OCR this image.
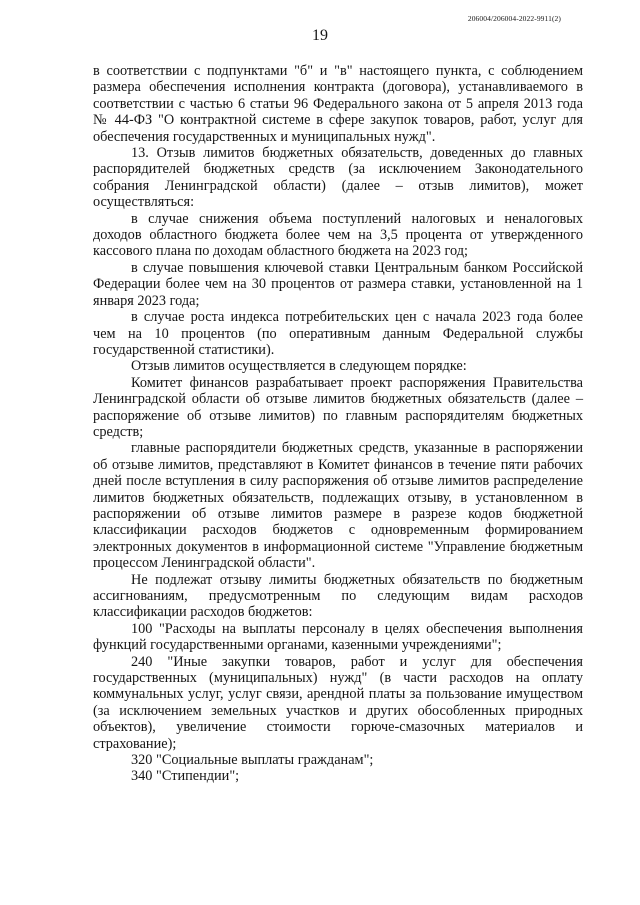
19
206004/206004-2022-9911(2)

в соответствии с подпунктами "б" и "в" настоящего пункта, с соблюдением размера обеспечения исполнения контракта (договора), устанавливаемого в соответствии с частью 6 статьи 96 Федерального закона от 5 апреля 2013 года № 44-ФЗ "О контрактной системе в сфере закупок товаров, работ, услуг для обеспечения государственных и муниципальных нужд".

13. Отзыв лимитов бюджетных обязательств, доведенных до главных распорядителей бюджетных средств (за исключением Законодательного собрания Ленинградской области) (далее – отзыв лимитов), может осуществляться:

в случае снижения объема поступлений налоговых и неналоговых доходов областного бюджета более чем на 3,5 процента от утвержденного кассового плана по доходам областного бюджета на 2023 год;

в случае повышения ключевой ставки Центральным банком Российской Федерации более чем на 30 процентов от размера ставки, установленной на 1 января 2023 года;

в случае роста индекса потребительских цен с начала 2023 года более чем на 10 процентов (по оперативным данным Федеральной службы государственной статистики).

Отзыв лимитов осуществляется в следующем порядке:

Комитет финансов разрабатывает проект распоряжения Правительства Ленинградской области об отзыве лимитов бюджетных обязательств (далее – распоряжение об отзыве лимитов) по главным распорядителям бюджетных средств;

главные распорядители бюджетных средств, указанные в распоряжении об отзыве лимитов, представляют в Комитет финансов в течение пяти рабочих дней после вступления в силу распоряжения об отзыве лимитов распределение лимитов бюджетных обязательств, подлежащих отзыву, в установленном в распоряжении об отзыве лимитов размере в разрезе кодов бюджетной классификации расходов бюджетов с одновременным формированием электронных документов в информационной системе "Управление бюджетным процессом Ленинградской области".

Не подлежат отзыву лимиты бюджетных обязательств по бюджетным ассигнованиям, предусмотренным по следующим видам расходов классификации расходов бюджетов:

100 "Расходы на выплаты персоналу в целях обеспечения выполнения функций государственными органами, казенными учреждениями";

240 "Иные закупки товаров, работ и услуг для обеспечения государственных (муниципальных) нужд" (в части расходов на оплату коммунальных услуг, услуг связи, арендной платы за пользование имуществом (за исключением земельных участков и других обособленных природных объектов), увеличение стоимости горюче-смазочных материалов и страхование);

320 "Социальные выплаты гражданам";

340 "Стипендии";
